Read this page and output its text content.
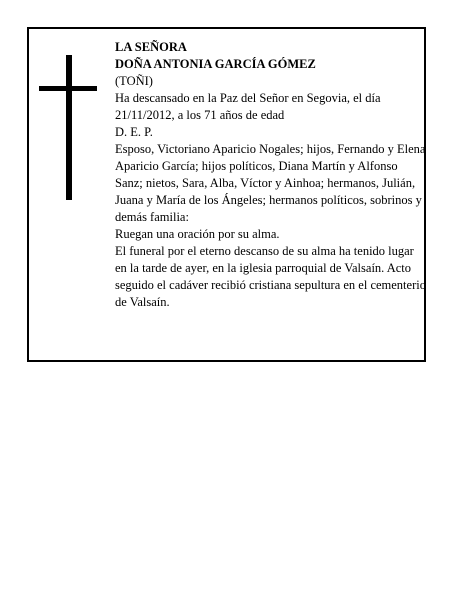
LA SEÑORA

DOÑA ANTONIA GARCÍA GÓMEZ

(TOÑI)

Ha descansado en la Paz del Señor en Segovia, el día 21/11/2012, a los 71 años de edad

D. E. P.

Esposo, Victoriano Aparicio Nogales; hijos, Fernando y Elena Aparicio García; hijos políticos, Diana Martín y Alfonso Sanz; nietos, Sara, Alba, Víctor y Ainhoa; hermanos, Julián, Juana y María de los Ángeles; hermanos políticos, sobrinos y demás familia:

Ruegan una oración por su alma.

El funeral por el eterno descanso de su alma ha tenido lugar en la tarde de ayer, en la iglesia parroquial de Valsaín. Acto seguido el cadáver recibió cristiana sepultura en el cementerio de Valsaín.
